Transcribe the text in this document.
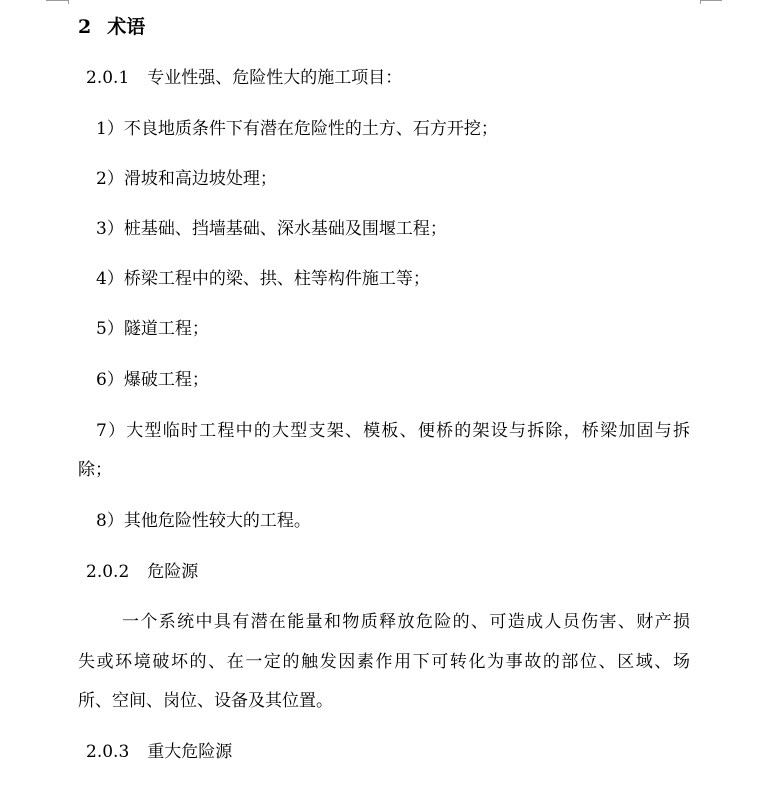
2 术语
2.0.1 专业性强、危险性大的施工项目：
1）不良地质条件下有潜在危险性的土方、石方开挖；
2）滑坡和高边坡处理；
3）桩基础、挡墙基础、深水基础及围堰工程；
4）桥梁工程中的梁、拱、柱等构件施工等；
5）隧道工程；
6）爆破工程；
7）大型临时工程中的大型支架、模板、便桥的架设与拆除，桥梁加固与拆
除；
8）其他危险性较大的工程。
2.0.2 危险源
一个系统中具有潜在能量和物质释放危险的、可造成人员伤害、财产损
失或环境破坏的、在一定的触发因素作用下可转化为事故的部位、区域、场
所、空间、岗位、设备及其位置。
2.0.3 重大危险源
